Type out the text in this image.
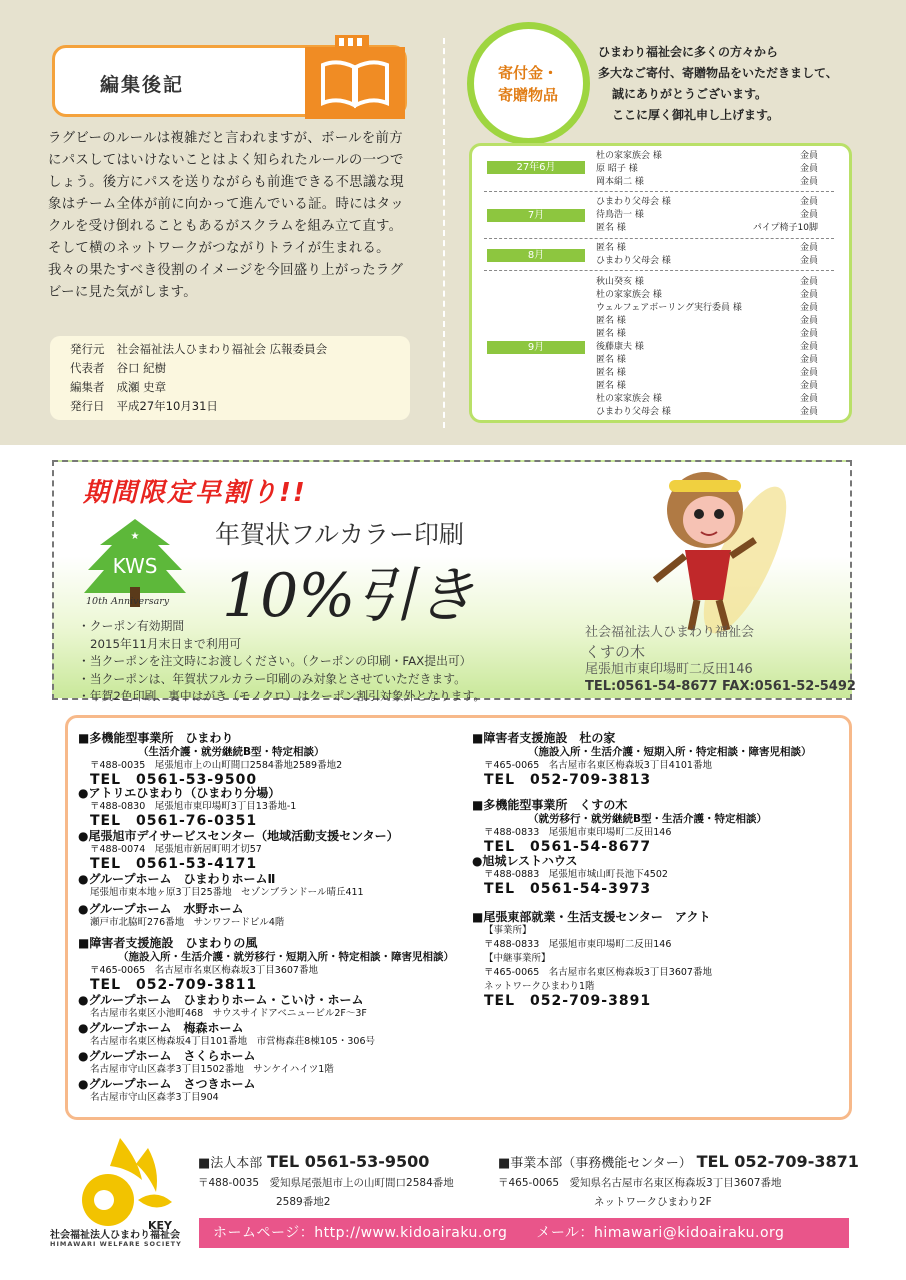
編集後記
ラグビーのルールは複雑だと言われますが、ボールを前方にパスしてはいけないことはよく知られたルールの一つでしょう。後方にパスを送りながらも前進できる不思議な現象はチーム全体が前に向かって進んでいる証。時にはタックルを受け倒れることもあるがスクラムを組み立て直す。そして横のネットワークがつながりトライが生まれる。我々の果たすべき役割のイメージを今回盛り上がったラグビーに見た気がします。
発行元 社会福祉法人ひまわり福祉会 広報委員会
代表者 谷口 紀樹
編集者 成瀬 史章
発行日 平成27年10月31日
寄付金・
寄贈物品
ひまわり福祉会に多くの方々から
多大なご寄付、寄贈物品をいただきまして、
誠にありがとうございます。
ここに厚く御礼申し上げます。
27年6月
杜の家家族会 様	金員
原 昭子 様	金員
岡本絹二 様	金員
7月
ひまわり父母会 様	金員
待鳥浩一 様	金員
匿名 様	パイプ椅子10脚
8月
匿名 様	金員
ひまわり父母会 様	金員
9月
秋山癸亥 様	金員
杜の家家族会 様	金員
ウェルフェアボーリング実行委員 様	金員
匿名 様	金員
匿名 様	金員
後藤康夫 様	金員
匿名 様	金員
匿名 様	金員
匿名 様	金員
杜の家家族会 様	金員
ひまわり父母会 様	金員
期間限定早割り!!
★
KWS
10th Anniversary
年賀状フルカラー印刷
10%引き
・クーポン有効期間
2015年11月末日まで利用可
・当クーポンを注文時にお渡しください。（クーポンの印刷・FAX提出可）
・当クーポンは、年賀状フルカラー印刷のみ対象とさせていただきます。
・年賀2色印刷、裏中はがき（モノクロ）はクーポン割引対象外となります。
社会福祉法人ひまわり福祉会
くすの木
尾張旭市東印場町二反田146
TEL:0561-54-8677 FAX:0561-52-5492
■多機能型事業所　ひまわり
（生活介護・就労継続B型・特定相談）
〒488-0035　尾張旭市上の山町間口2584番地2589番地2
TEL　0561-53-9500
●アトリエひまわり（ひまわり分場）
〒488-0830　尾張旭市東印場町3丁目13番地-1
TEL　0561-76-0351
●尾張旭市デイサービスセンター（地域活動支援センター）
〒488-0074　尾張旭市新居町明才切57
TEL　0561-53-4171
●グループホーム　ひまわりホームⅡ
尾張旭市東本地ヶ原3丁目25番地　セゾンブランドール晴丘411
●グループホーム　水野ホーム
瀬戸市北脇町276番地　サンワフードビル4階
■障害者支援施設　ひまわりの風
（施設入所・生活介護・就労移行・短期入所・特定相談・障害児相談）
〒465-0065　名古屋市名東区梅森坂3丁目3607番地
TEL　052-709-3811
●グループホーム　ひまわりホーム・こいけ・ホーム
名古屋市名東区小池町468　サウスサイドアベニュービル2F～3F
●グループホーム　梅森ホーム
名古屋市名東区梅森坂4丁目101番地　市営梅森荘8棟105・306号
●グループホーム　さくらホーム
名古屋市守山区森孝3丁目1502番地　サンケイハイツ1階
●グループホーム　さつきホーム
名古屋市守山区森孝3丁目904
■障害者支援施設　杜の家
（施設入所・生活介護・短期入所・特定相談・障害児相談）
〒465-0065　名古屋市名東区梅森坂3丁目4101番地
TEL　052-709-3813
■多機能型事業所　くすの木
（就労移行・就労継続B型・生活介護・特定相談）
〒488-0833　尾張旭市東印場町二反田146
TEL　0561-54-8677
●旭城レストハウス
〒488-0883　尾張旭市城山町長池下4502
TEL　0561-54-3973
■尾張東部就業・生活支援センター　アクト
【事業所】
〒488-0833　尾張旭市東印場町二反田146
【中継事業所】
〒465-0065　名古屋市名東区梅森坂3丁目3607番地
ネットワークひまわり1階
TEL　052-709-3891
KEY
社会福祉法人ひまわり福祉会
HIMAWARI WELFARE SOCIETY
■法人本部 TEL 0561-53-9500
〒488-0035　愛知県尾張旭市上の山町間口2584番地
2589番地2
■事業本部（事務機能センター） TEL 052-709-3871
〒465-0065　愛知県名古屋市名東区梅森坂3丁目3607番地
ネットワークひまわり2F
ホームページ：http://www.kidoairaku.org　　メール：himawari@kidoairaku.org
